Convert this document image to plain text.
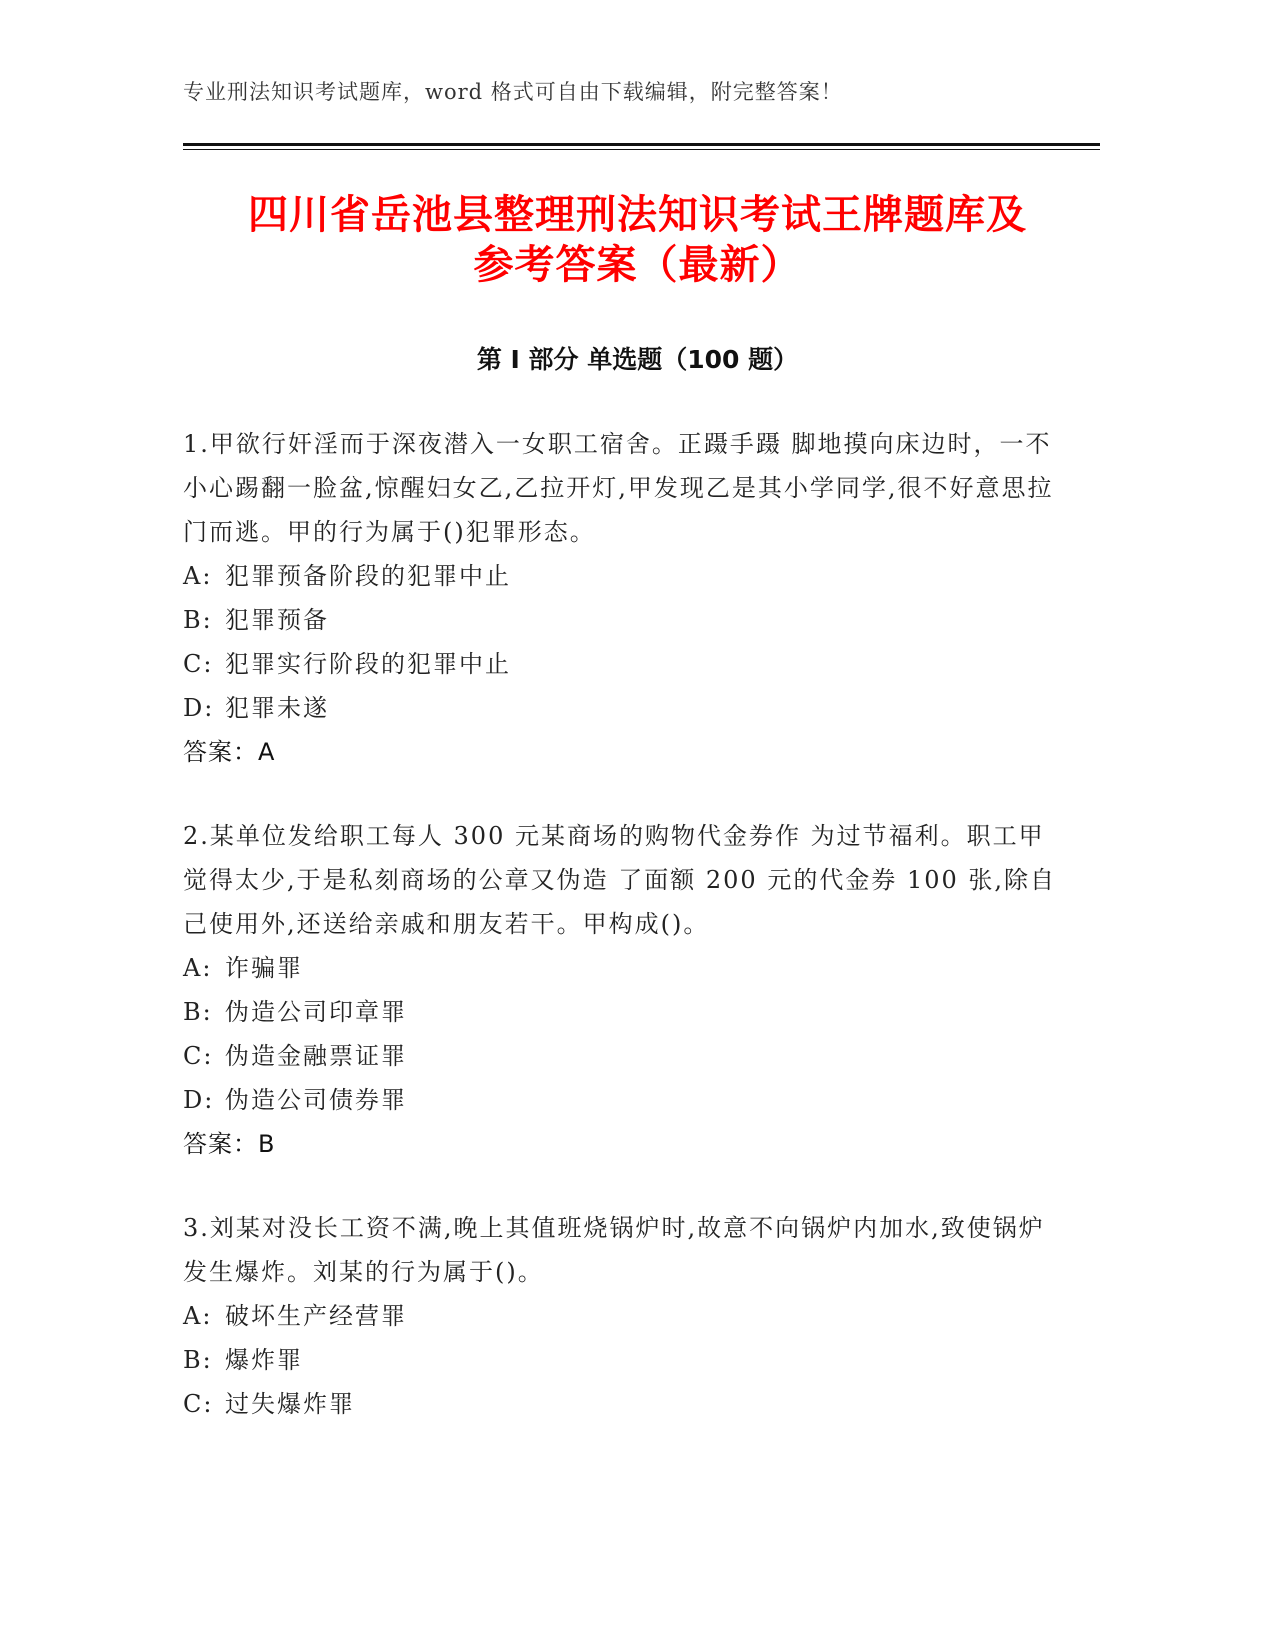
专业刑法知识考试题库，word 格式可自由下载编辑，附完整答案！
四川省岳池县整理刑法知识考试王牌题库及
参考答案（最新）
第 I 部分 单选题（100 题）
1.甲欲行奸淫而于深夜潜入一女职工宿舍。正蹑手蹑 脚地摸向床边时，一不小心踢翻一脸盆,惊醒妇女乙,乙拉开灯,甲发现乙是其小学同学,很不好意思拉门而逃。甲的行为属于()犯罪形态。
A: 犯罪预备阶段的犯罪中止
B: 犯罪预备
C: 犯罪实行阶段的犯罪中止
D: 犯罪未遂
答案：A
2.某单位发给职工每人 300 元某商场的购物代金券作 为过节福利。职工甲觉得太少,于是私刻商场的公章又伪造 了面额 200 元的代金券 100 张,除自己使用外,还送给亲戚和朋友若干。甲构成()。
A: 诈骗罪
B: 伪造公司印章罪
C: 伪造金融票证罪
D: 伪造公司债券罪
答案：B
3.刘某对没长工资不满,晚上其值班烧锅炉时,故意不向锅炉内加水,致使锅炉发生爆炸。刘某的行为属于()。
A: 破坏生产经营罪
B: 爆炸罪
C: 过失爆炸罪
